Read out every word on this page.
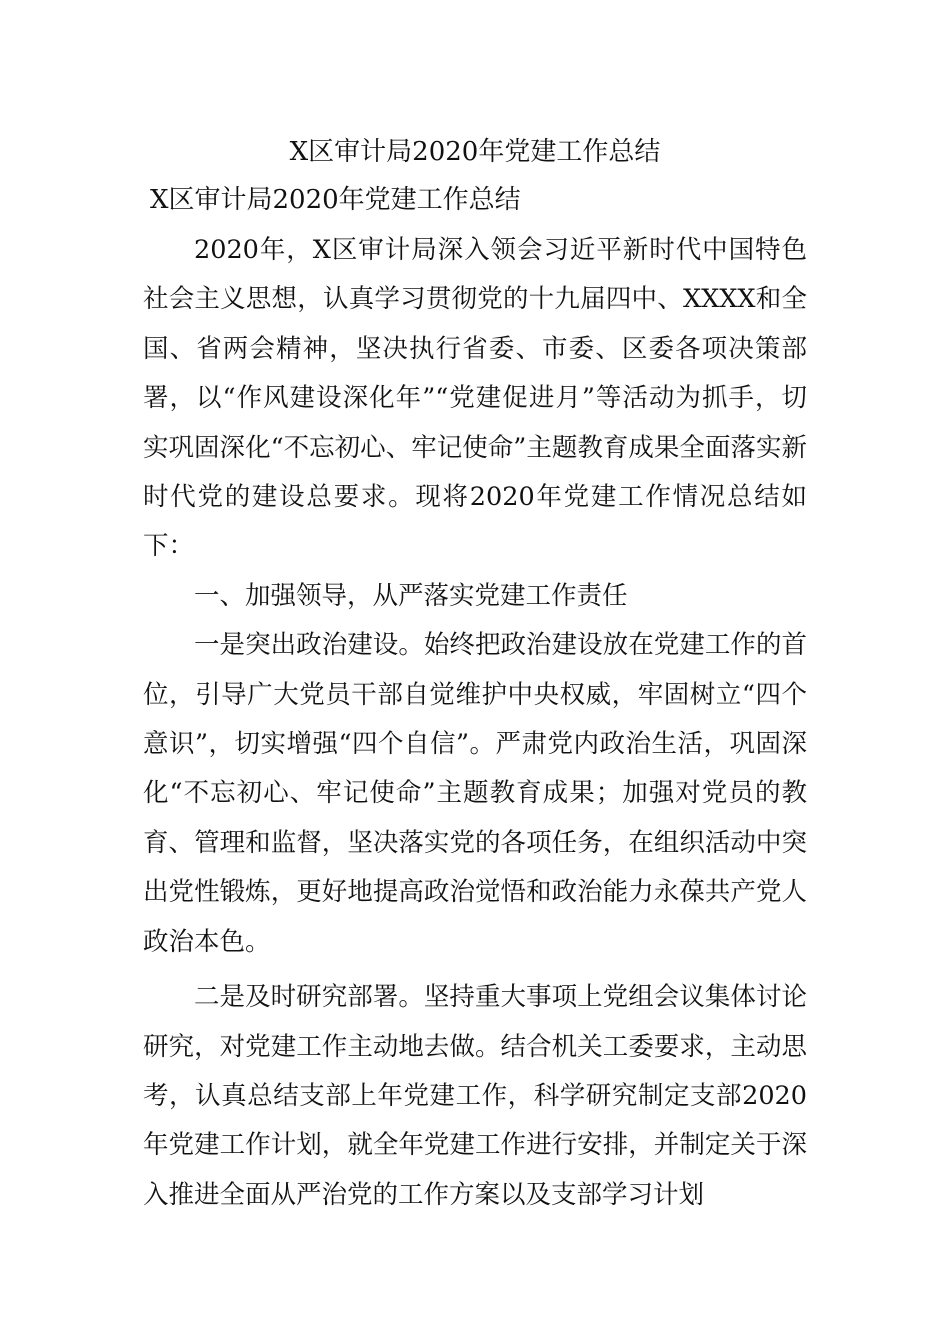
X区审计局2020年党建工作总结
X区审计局2020年党建工作总结

2020年，X区审计局深入领会习近平新时代中国特色社会主义思想，认真学习贯彻党的十九届四中、XXXX和全国、省两会精神，坚决执行省委、市委、区委各项决策部署，以“作风建设深化年”“党建促进月”等活动为抓手，切实巩固深化“不忘初心、牢记使命”主题教育成果全面落实新时代党的建设总要求。现将2020年党建工作情况总结如下：

一、加强领导，从严落实党建工作责任

一是突出政治建设。始终把政治建设放在党建工作的首位，引导广大党员干部自觉维护中央权威，牢固树立“四个意识”，切实增强“四个自信”。严肃党内政治生活，巩固深化“不忘初心、牢记使命”主题教育成果；加强对党员的教育、管理和监督，坚决落实党的各项任务，在组织活动中突出党性锻炼，更好地提高政治觉悟和政治能力永葆共产党人政治本色。

二是及时研究部署。坚持重大事项上党组会议集体讨论研究，对党建工作主动地去做。结合机关工委要求，主动思考，认真总结支部上年党建工作，科学研究制定支部2020年党建工作计划，就全年党建工作进行安排，并制定关于深入推进全面从严治党的工作方案以及支部学习计划
